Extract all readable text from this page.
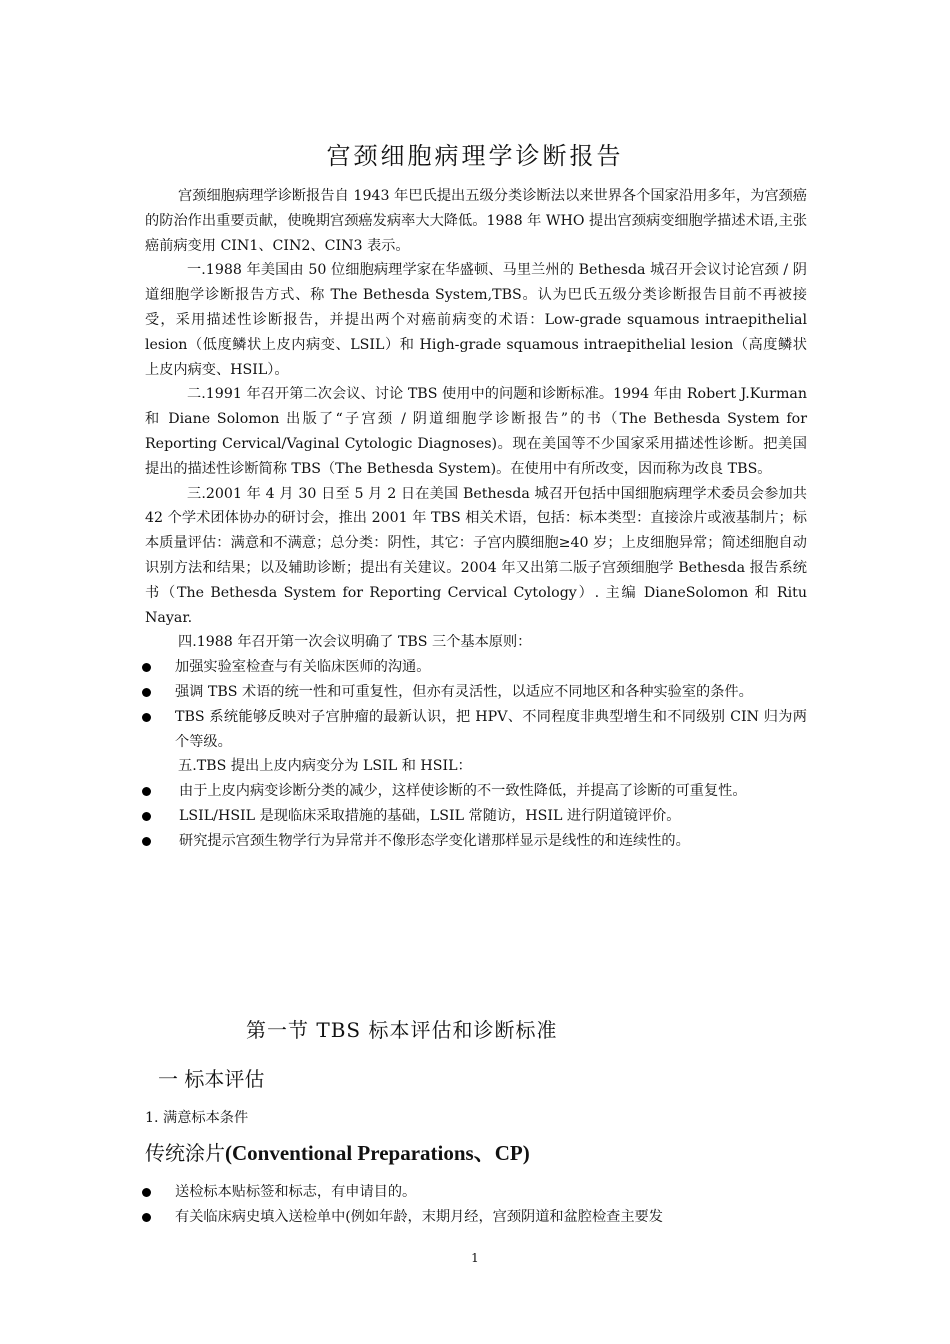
宫颈细胞病理学诊断报告

宫颈细胞病理学诊断报告自 1943 年巴氏提出五级分类诊断法以来世界各个国家沿用多年，为宫颈癌的防治作出重要贡献，使晚期宫颈癌发病率大大降低。1988 年 WHO 提出宫颈病变细胞学描述术语,主张癌前病变用 CIN1、CIN2、CIN3 表示。

一.1988 年美国由 50 位细胞病理学家在华盛顿、马里兰州的 Bethesda 城召开会议讨论宫颈 / 阴道细胞学诊断报告方式、称 The Bethesda System,TBS。认为巴氏五级分类诊断报告目前不再被接受，采用描述性诊断报告，并提出两个对癌前病变的术语：Low-grade squamous intraepithelial lesion（低度鳞状上皮内病变、LSIL）和 High-grade squamous intraepithelial lesion（高度鳞状上皮内病变、HSIL）。

二.1991 年召开第二次会议、讨论 TBS 使用中的问题和诊断标准。1994 年由 Robert J.Kurman 和 Diane Solomon 出版了“子宫颈 / 阴道细胞学诊断报告”的书（The Bethesda System for Reporting Cervical/Vaginal Cytologic Diagnoses)。现在美国等不少国家采用描述性诊断。把美国提出的描述性诊断简称 TBS（The Bethesda System)。在使用中有所改变，因而称为改良 TBS。

三.2001 年 4 月 30 日至 5 月 2 日在美国 Bethesda 城召开包括中国细胞病理学术委员会参加共 42 个学术团体协办的研讨会，推出 2001 年 TBS 相关术语，包括：标本类型：直接涂片或液基制片；标本质量评估：满意和不满意；总分类：阴性，其它：子宫内膜细胞≥40 岁；上皮细胞异常；简述细胞自动识别方法和结果；以及辅助诊断；提出有关建议。2004 年又出第二版子宫颈细胞学 Bethesda 报告系统书（The Bethesda System for Reporting Cervical Cytology）. 主编 DianeSolomon 和 Ritu Nayar.

四.1988 年召开第一次会议明确了 TBS 三个基本原则：

加强实验室检查与有关临床医师的沟通。
强调 TBS 术语的统一性和可重复性，但亦有灵活性，以适应不同地区和各种实验室的条件。
TBS 系统能够反映对子宫肿瘤的最新认识，把 HPV、不同程度非典型增生和不同级别 CIN 归为两个等级。

五.TBS 提出上皮内病变分为 LSIL 和 HSIL：

由于上皮内病变诊断分类的减少，这样使诊断的不一致性降低，并提高了诊断的可重复性。
LSIL/HSIL 是现临床采取措施的基础，LSIL 常随访，HSIL 进行阴道镜评价。
研究提示宫颈生物学行为异常并不像形态学变化谱那样显示是线性的和连续性的。
第一节 TBS 标本评估和诊断标准
一 标本评估
1. 满意标本条件
传统涂片(Conventional Preparations、CP)
送检标本贴标签和标志，有申请目的。
有关临床病史填入送检单中(例如年龄，末期月经，宫颈阴道和盆腔检查主要发
1
